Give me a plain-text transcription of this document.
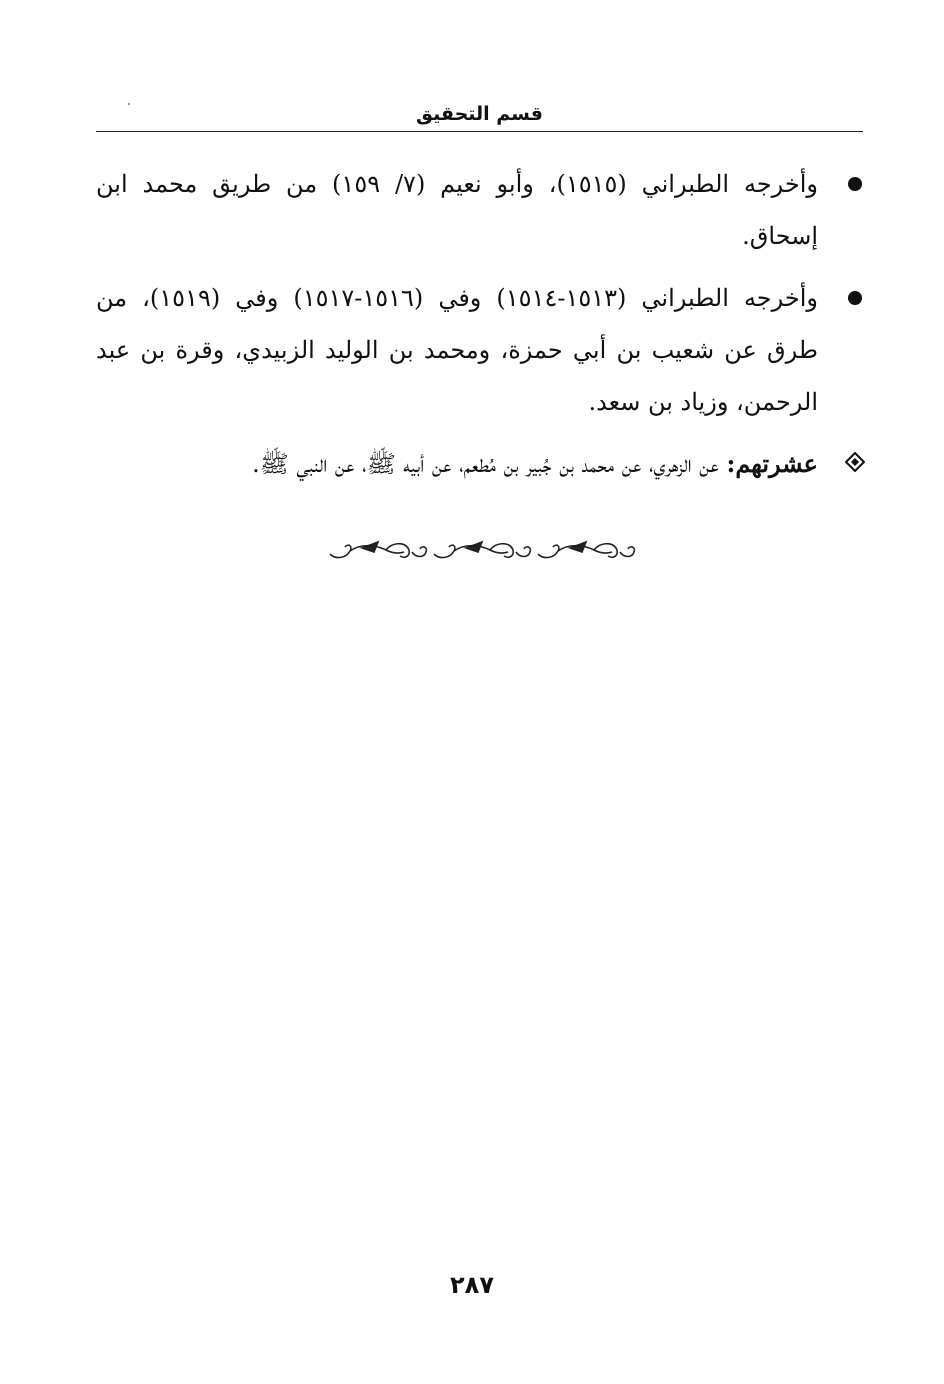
قسم التحقيق

وأخرجه الطبراني (١٥١٥)، وأبو نعيم (٧/ ١٥٩) من طريق محمد ابن إسحاق.

وأخرجه الطبراني (١٥١٣-١٥١٤) وفي (١٥١٦-١٥١٧) وفي (١٥١٩)، من طرق عن شعيب بن أبي حمزة، ومحمد بن الوليد الزبيدي، وقرة بن عبد الرحمن، وزياد بن سعد.

عشرتهم: عن الزهري، عن محمد بن جُبير بن مُطعم، عن أبيه ﷺ، عن النبي ﷺ.

٢٨٧
